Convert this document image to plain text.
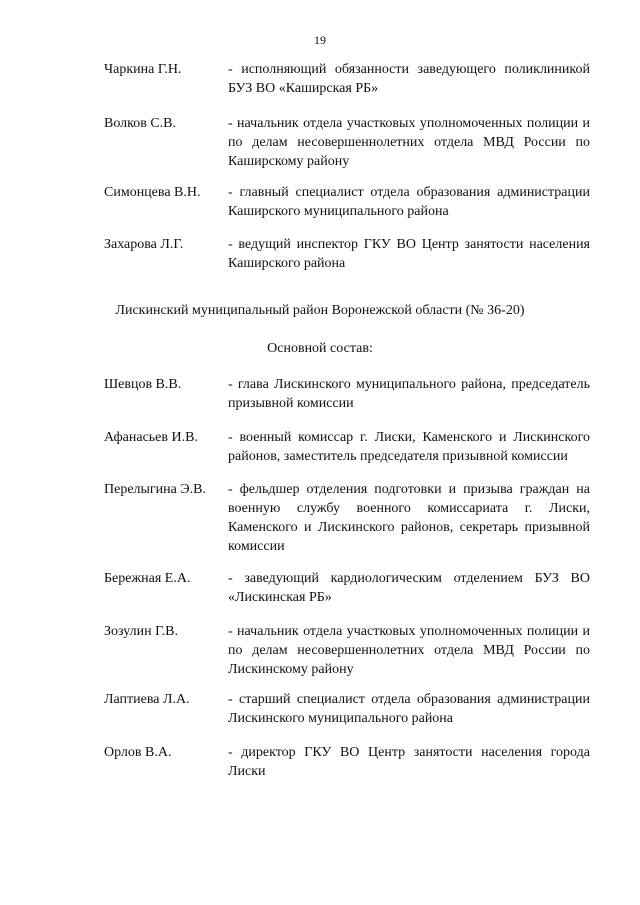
19
Чаркина Г.Н.	- исполняющий обязанности заведующего поликлиникой БУЗ ВО «Каширская РБ»
Волков С.В.	- начальник отдела участковых уполномоченных полиции и по делам несовершеннолетних отдела МВД России по Каширскому району
Симонцева В.Н.	- главный специалист отдела образования администрации Каширского муниципального района
Захарова Л.Г.	- ведущий инспектор ГКУ ВО Центр занятости населения Каширского района
Лискинский муниципальный район Воронежской области (№ 36-20)
Основной состав:
Шевцов В.В.	- глава Лискинского муниципального района, председатель призывной комиссии
Афанасьев И.В.	- военный комиссар г. Лиски, Каменского и Лискинского районов, заместитель председателя призывной комиссии
Перелыгина Э.В.	- фельдшер отделения подготовки и призыва граждан на военную службу военного комиссариата г. Лиски, Каменского и Лискинского районов, секретарь призывной комиссии
Бережная Е.А.	- заведующий кардиологическим отделением БУЗ ВО «Лискинская РБ»
Зозулин Г.В.	- начальник отдела участковых уполномоченных полиции и по делам несовершеннолетних отдела МВД России по Лискинскому району
Лаптиева Л.А.	- старший специалист отдела образования администрации Лискинского муниципального района
Орлов В.А.	- директор ГКУ ВО Центр занятости населения города Лиски
